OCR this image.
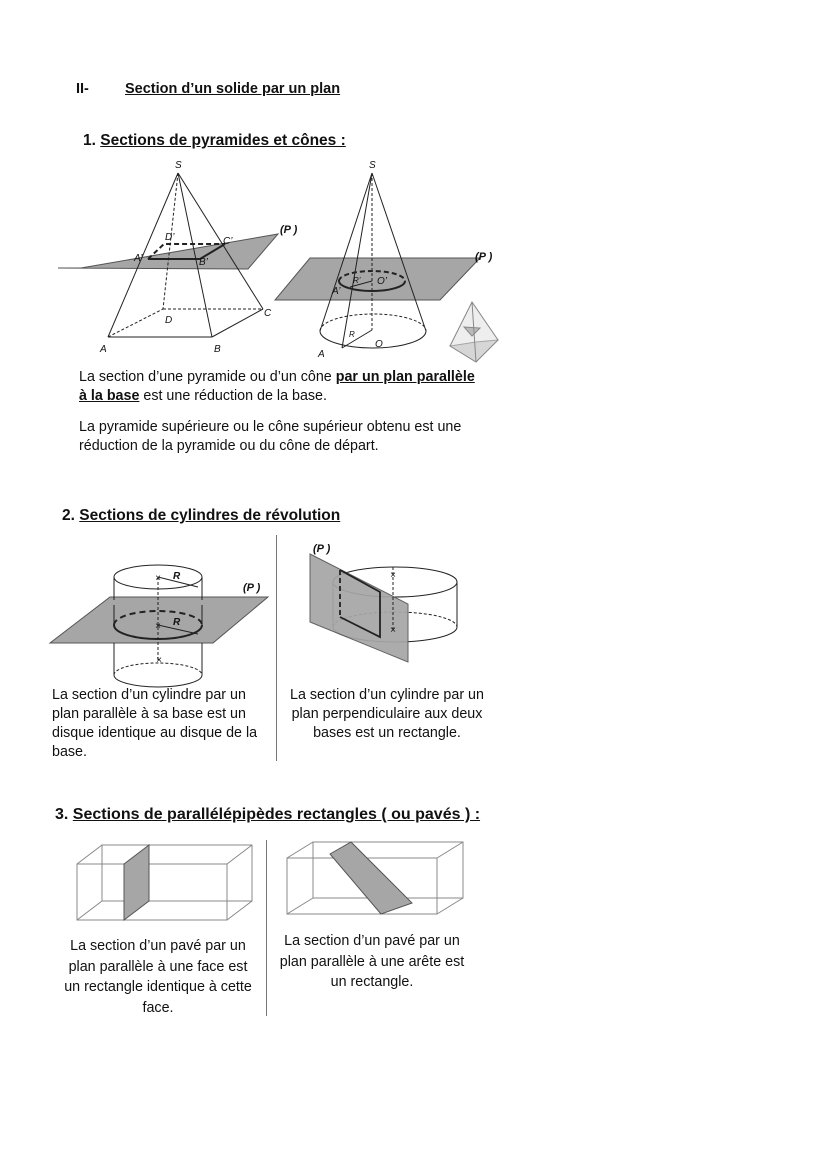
II- Section d’un solide par un plan
1. Sections de pyramides et cônes :
S
D’	C’
A’	B’
(P )
C
D
A	B
S
(P )
R’ O’
A’
R
O
A
La section d’une pyramide ou d’un cône par un plan parallèle
à la base est une réduction de la base.
La pyramide supérieure ou le cône supérieur obtenu est une
réduction de la pyramide ou du cône de départ.
2. Sections de cylindres de révolution
×
×
×
R
R
(P )
×
×
(P )
La section d’un cylindre par un
plan parallèle à sa base est un
disque identique au disque de la
base.
La section d’un cylindre par un
plan perpendiculaire aux deux
bases est un rectangle.
3. Sections de parallélépipèdes rectangles ( ou pavés ) :
La section d’un pavé par un
plan parallèle à une face est
un rectangle identique à cette
face.
La section d’un pavé par un
plan parallèle à une arête est
un rectangle.
